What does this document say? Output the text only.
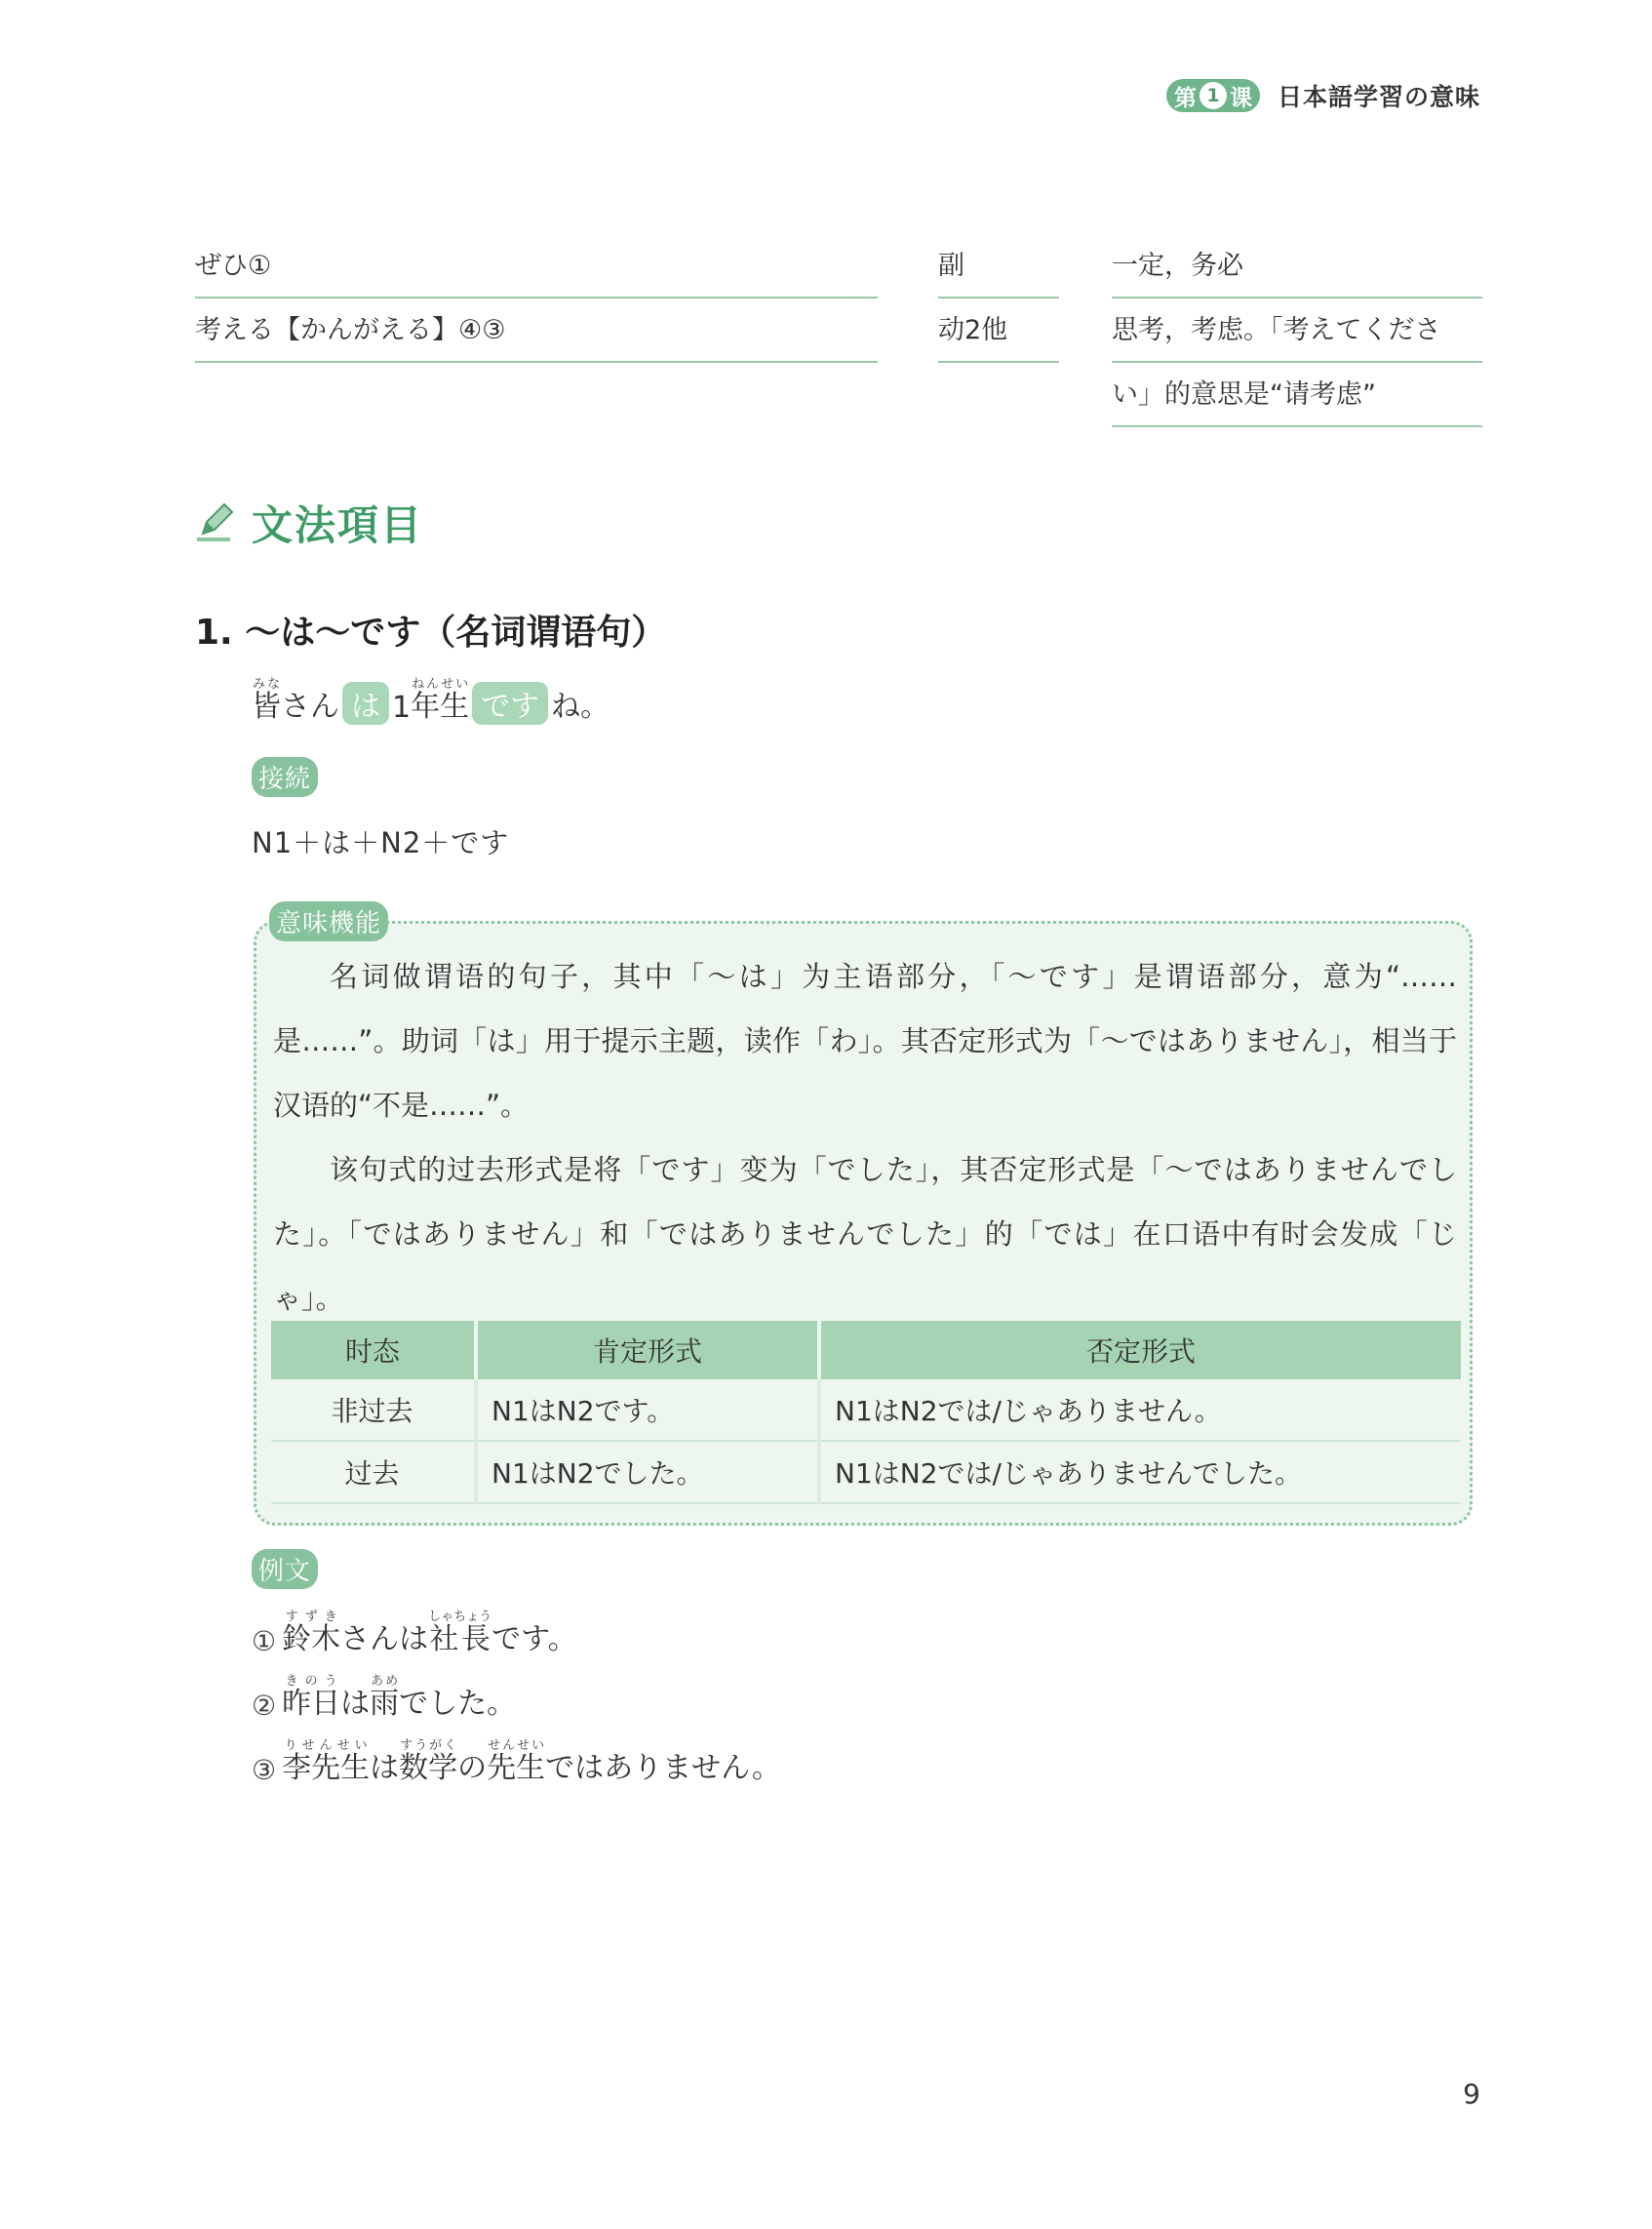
第 1 课 日本語学習の意味
ぜひ①	副	一定，务必
考える【かんがえる】④③	动2他	思考，考虑。「考えてくださ
い」的意思是“请考虑”
文法項目
1. ～は～です（名词谓语句）
皆みな
さん は 1 年生ねんせい
です ね。
接続
N1＋は＋N2＋です
意味機能
名词做谓语的句子，其中「～は」为主语部分，「～です」是谓语部分，意为“……是……”。助词「は」用于提示主题，读作「わ」。其否定形式为「～ではありません」，相当于汉语的“不是……”。
该句式的过去形式是将「です」变为「でした」，其否定形式是「～ではありませんでした」。「ではありません」和「ではありませんでした」的「では」在口语中有时会发成「じゃ」。
时态	肯定形式	否定形式
非过去	N1はN2です。	N1はN2では/じゃありません。
过去	N1はN2でした。	N1はN2では/じゃありませんでした。
例文
① 鈴木すずき
さんは 社長しゃちょう
です。
② 昨日きのう
は 雨あめ
でした。
③ 李先生りせんせい
は 数学すうがく
の 先生せんせい
ではありません。
9
